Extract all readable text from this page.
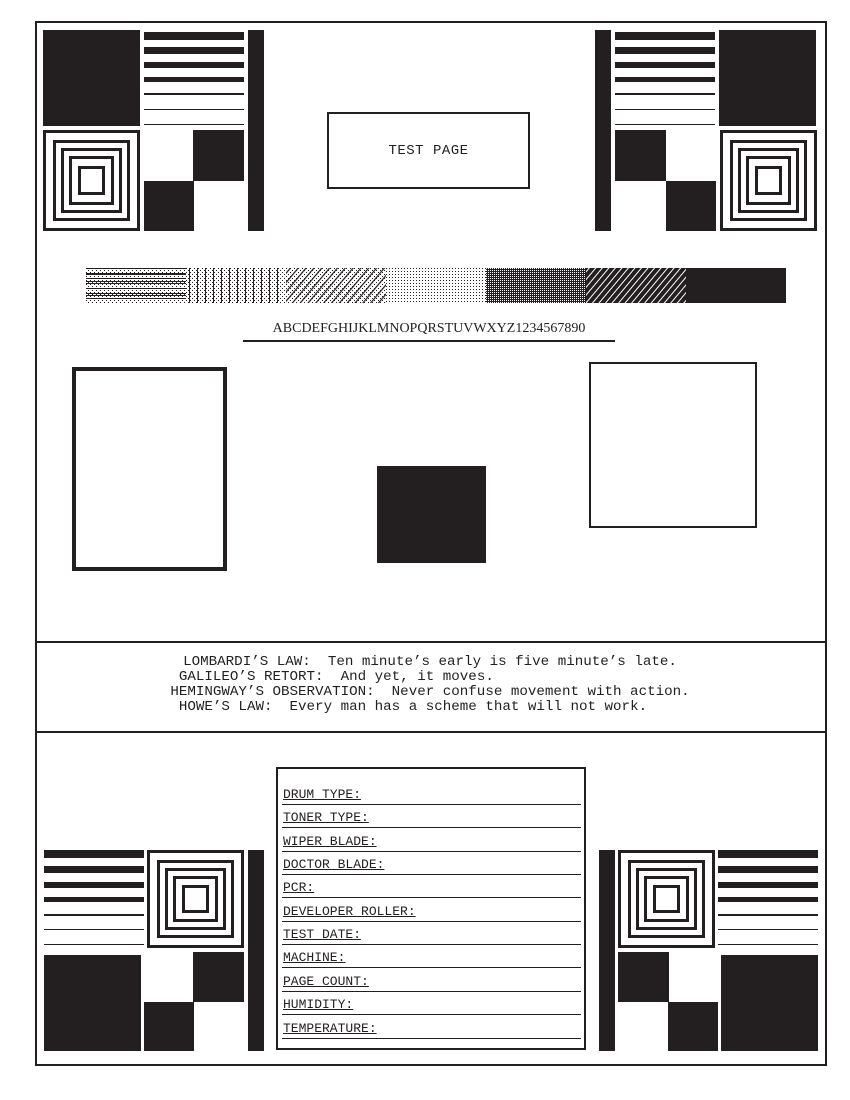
TEST PAGE
ABCDEFGHIJKLMNOPQRSTUVWXYZ1234567890
LOMBARDI’S LAW:  Ten minute’s early is five minute’s late.
GALILEO’S RETORT:  And yet, it moves.
HEMINGWAY’S OBSERVATION:  Never confuse movement with action.
HOWE’S LAW:  Every man has a scheme that will not work.
DRUM TYPE:
TONER TYPE:
WIPER BLADE:
DOCTOR BLADE:
PCR:
DEVELOPER ROLLER:
TEST DATE:
MACHINE:
PAGE COUNT:
HUMIDITY:
TEMPERATURE:
